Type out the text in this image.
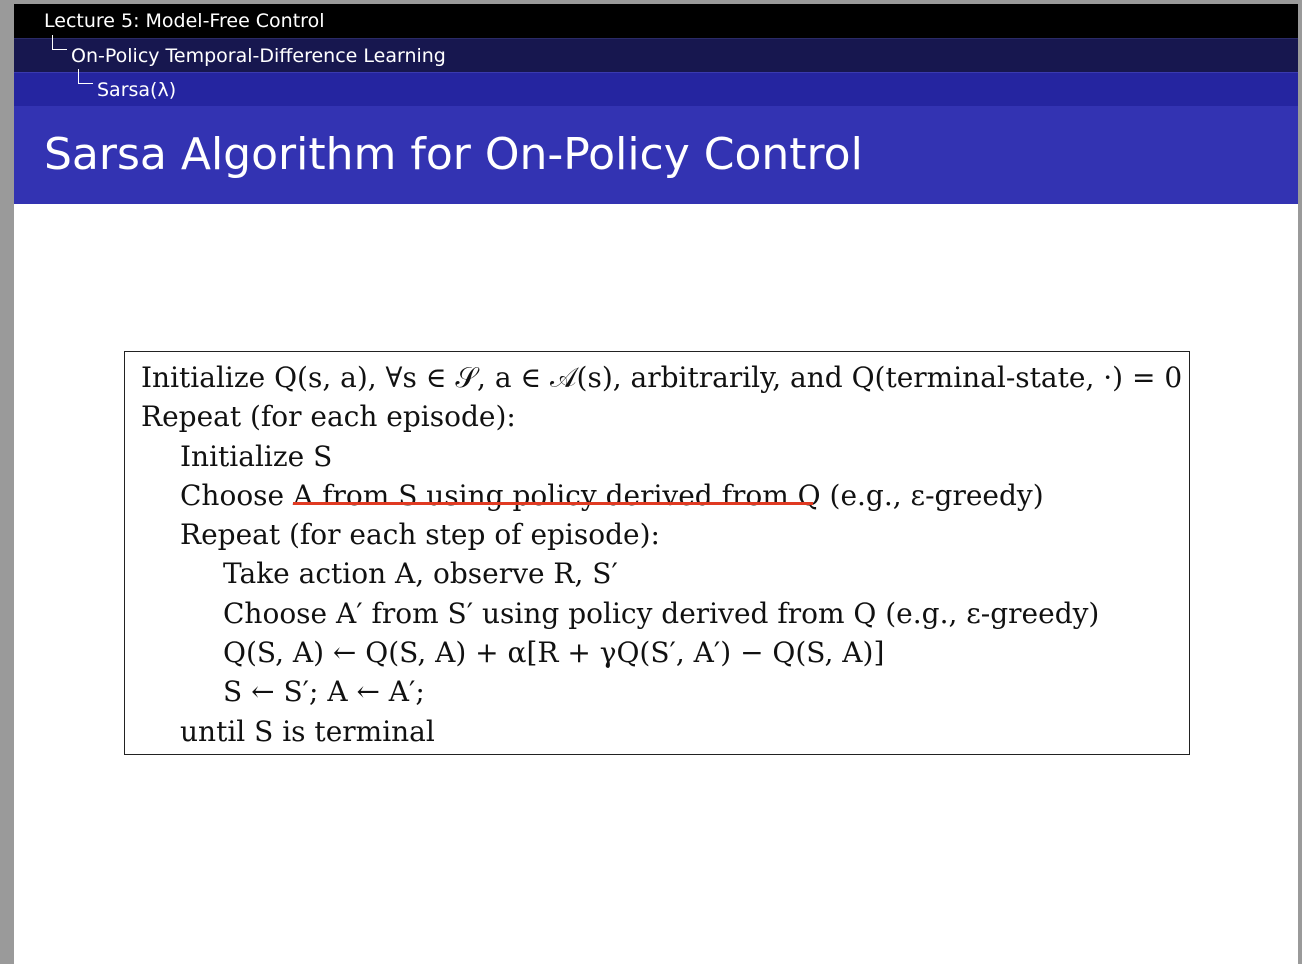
Lecture 5: Model-Free Control
On-Policy Temporal-Difference Learning
Sarsa(λ)
Sarsa Algorithm for On-Policy Control
Initialize Q(s, a), ∀s ∈ 𝒮, a ∈ 𝒜(s), arbitrarily, and Q(terminal-state, ·) = 0
Repeat (for each episode):
Initialize S
Choose A from S using policy derived from Q (e.g., ε-greedy)
Repeat (for each step of episode):
Take action A, observe R, S′
Choose A′ from S′ using policy derived from Q (e.g., ε-greedy)
Q(S, A) ← Q(S, A) + α[R + γQ(S′, A′) − Q(S, A)]
S ← S′; A ← A′;
until S is terminal
